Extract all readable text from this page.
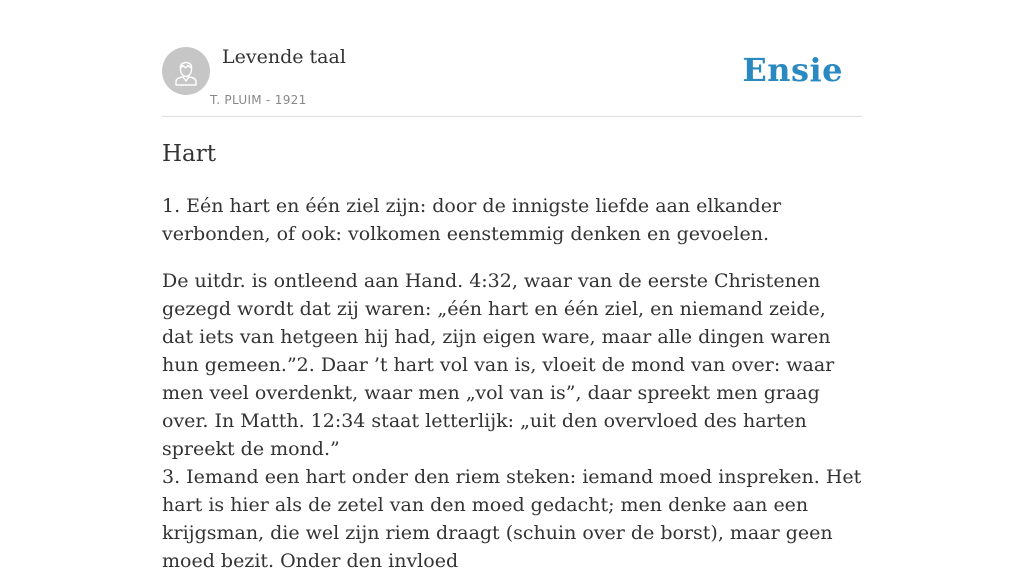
Levende taal
T. PLUIM - 1921
Ensie
Hart

1. Eén hart en één ziel zijn: door de innigste liefde aan elkander verbonden, of ook: volkomen eenstemmig denken en gevoelen.

De uitdr. is ontleend aan Hand. 4:32, waar van de eerste Christenen gezegd wordt dat zij waren: „één hart en één ziel, en niemand zeide, dat iets van hetgeen hij had, zijn eigen ware, maar alle dingen waren hun gemeen.”2. Daar ’t hart vol van is, vloeit de mond van over: waar men veel overdenkt, waar men „vol van is”, daar spreekt men graag over. In Matth. 12:34 staat letterlijk: „uit den overvloed des harten spreekt de mond.”

3. Iemand een hart onder den riem steken: iemand moed inspreken. Het hart is hier als de zetel van den moed gedacht; men denke aan een krijgsman, die wel zijn riem draagt (schuin over de borst), maar geen moed bezit. Onder den invloed
